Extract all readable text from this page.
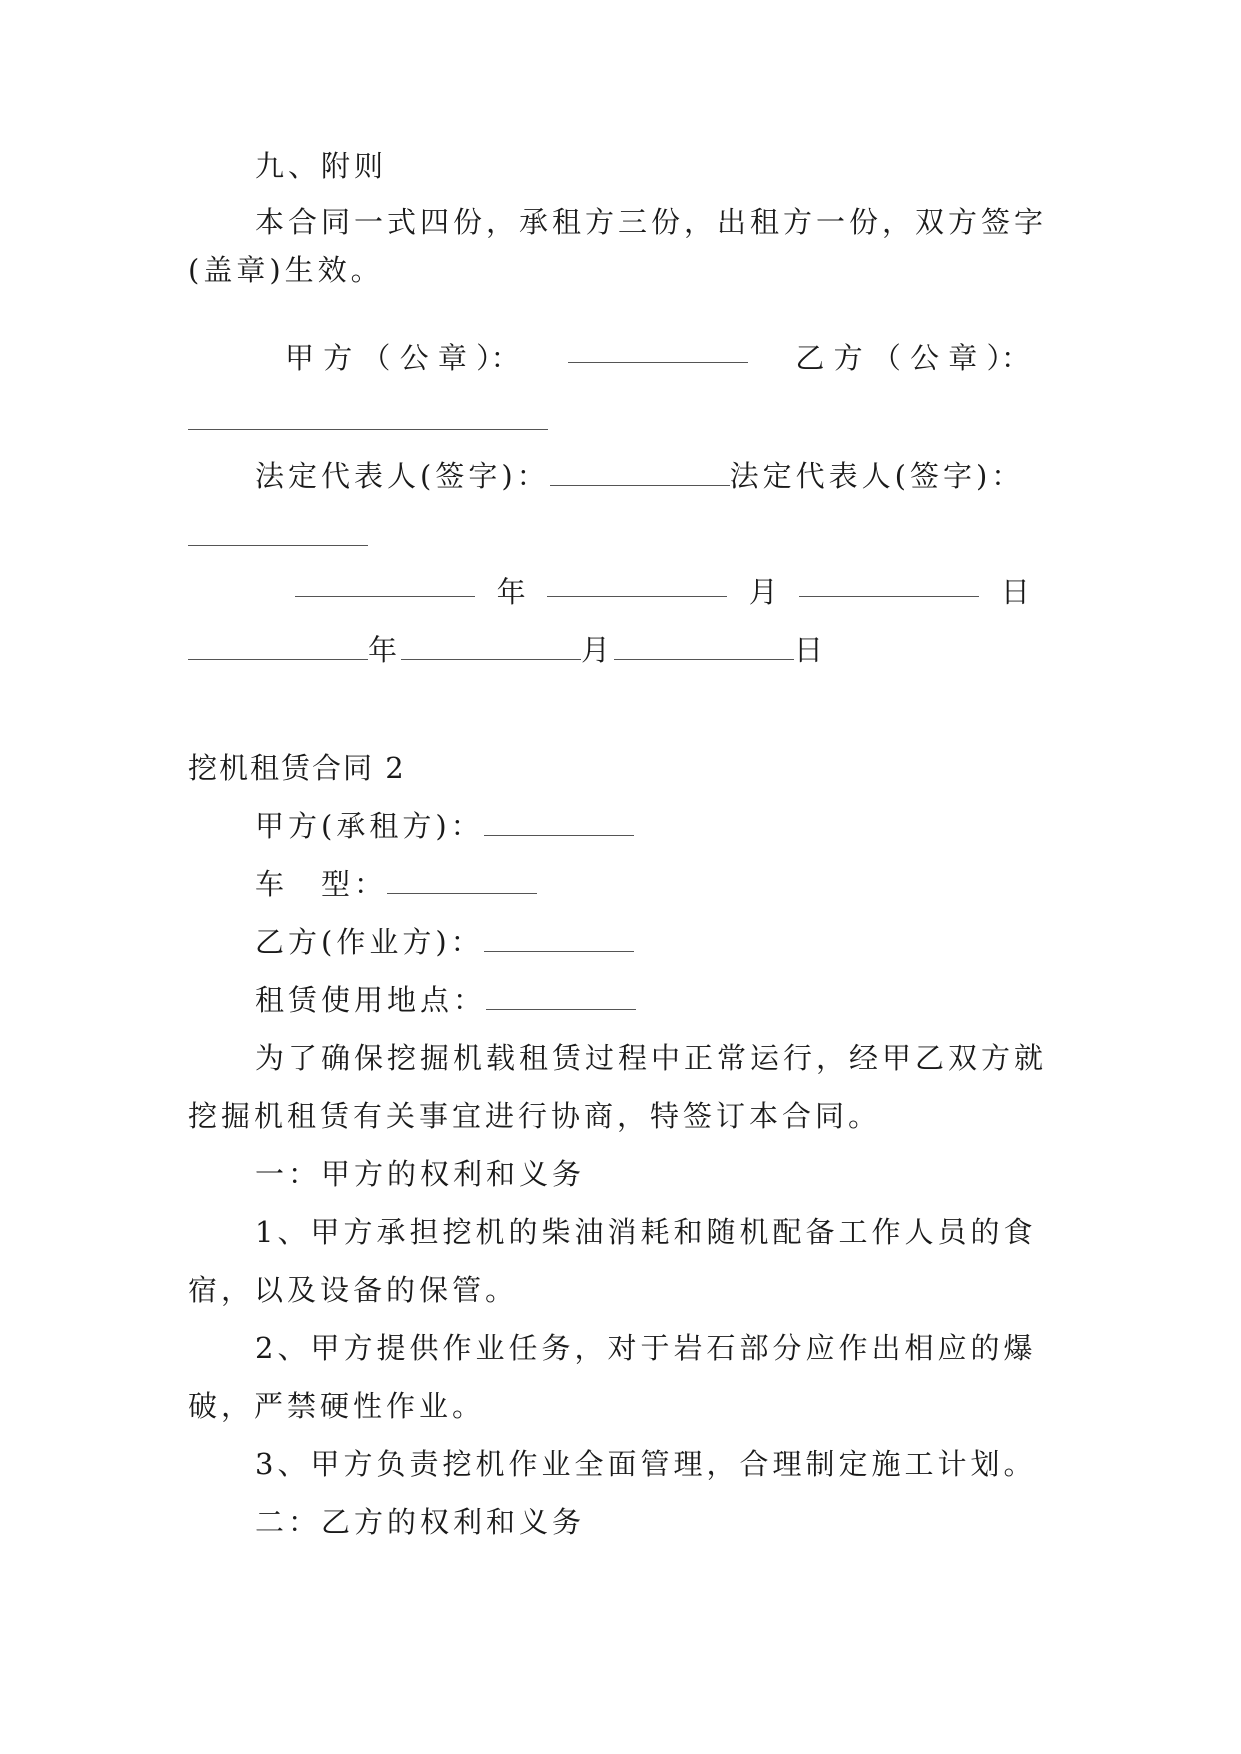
九、附则
本合同一式四份，承租方三份，出租方一份，双方签字
(盖章)生效。
甲 方 （ 公 章 ）：	乙 方 （ 公 章 ）：
法定代表人(签字)：	法定代表人(签字)：
年	月	日
年	月	日
挖机租赁合同 2
甲方(承租方)：
车　型：
乙方(作业方)：
租赁使用地点：
为了确保挖掘机载租赁过程中正常运行，经甲乙双方就
挖掘机租赁有关事宜进行协商，特签订本合同。
一：甲方的权利和义务
1、甲方承担挖机的柴油消耗和随机配备工作人员的食
宿，以及设备的保管。
2、甲方提供作业任务，对于岩石部分应作出相应的爆
破，严禁硬性作业。
3、甲方负责挖机作业全面管理，合理制定施工计划。
二：乙方的权利和义务
